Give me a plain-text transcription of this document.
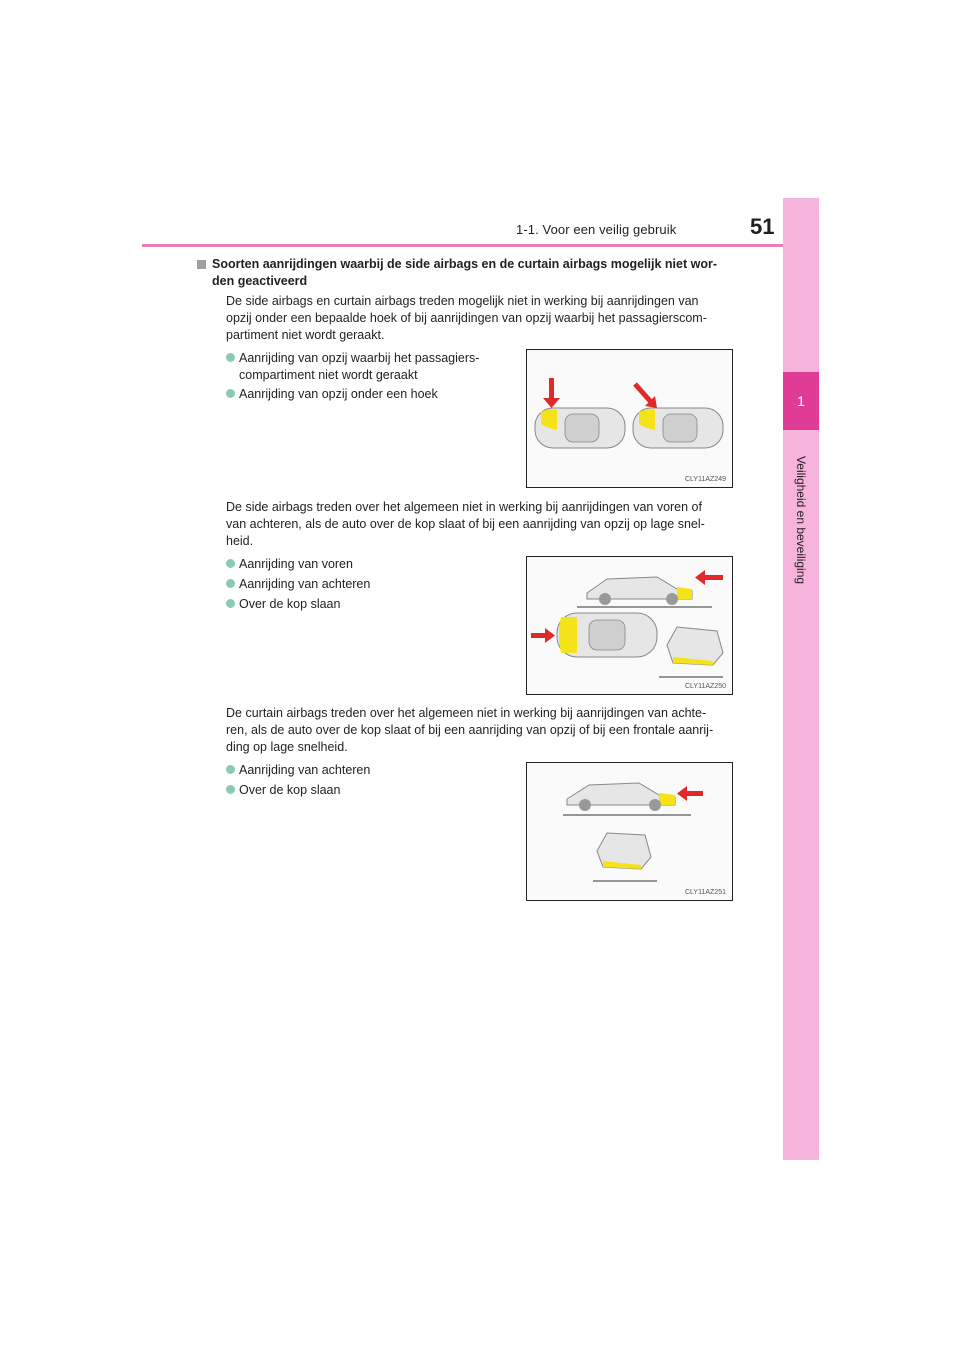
1-1. Voor een veilig gebruik	51
1
Veiligheid en beveiliging
Soorten aanrijdingen waarbij de side airbags en de curtain airbags mogelijk niet wor-
den geactiveerd
De side airbags en curtain airbags treden mogelijk niet in werking bij aanrijdingen van
opzij onder een bepaalde hoek of bij aanrijdingen van opzij waarbij het passagierscom-
partiment niet wordt geraakt.
Aanrijding van opzij waarbij het passagiers-
compartiment niet wordt geraakt
Aanrijding van opzij onder een hoek
CLY11AZ249
De side airbags treden over het algemeen niet in werking bij aanrijdingen van voren of
van achteren, als de auto over de kop slaat of bij een aanrijding van opzij op lage snel-
heid.
Aanrijding van voren
Aanrijding van achteren
Over de kop slaan
CLY11AZ250
De curtain airbags treden over het algemeen niet in werking bij aanrijdingen van achte-
ren, als de auto over de kop slaat of bij een aanrijding van opzij of bij een frontale aanrij-
ding op lage snelheid.
Aanrijding van achteren
Over de kop slaan
CLY11AZ251
